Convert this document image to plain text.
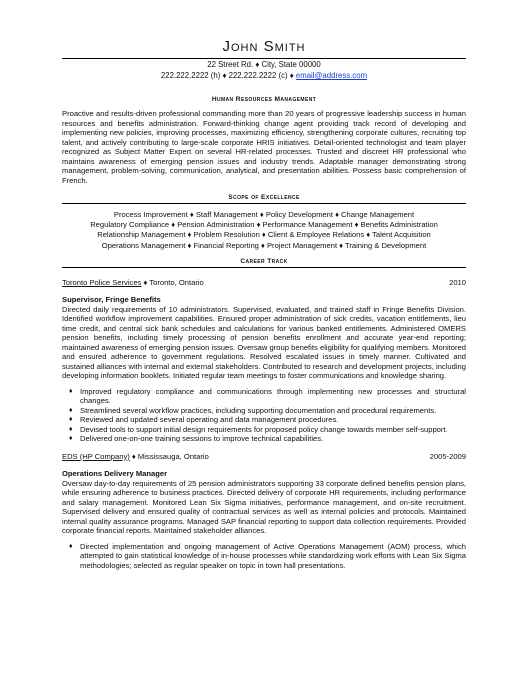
John Smith
22 Street Rd. ♦ City, State 00000
222.222.2222 (h) ♦ 222.222.2222 (c) ♦ email@address.com
Human Resources Management
Proactive and results-driven professional commanding more than 20 years of progressive leadership success in human resources and benefits administration. Forward-thinking change agent providing track record of developing and implementing new policies, improving processes, maximizing efficiency, strengthening corporate cultures, recruiting top talent, and actively contributing to large-scale corporate HRIS initiatives. Detail-oriented technologist and team player recognized as Subject Matter Expert on several HR-related processes. Trusted and discreet HR professional who maintains awareness of emerging pension issues and industry trends. Adaptable manager demonstrating strong management, problem-solving, communication, analytical, and presentation abilities. Possess basic comprehension of French.
Scope of Excellence
Process Improvement ♦ Staff Management ♦ Policy Development ♦ Change Management
Regulatory Compliance ♦ Pension Administration ♦ Performance Management ♦ Benefits Administration
Relationship Management ♦ Problem Resolution ♦ Client & Employee Relations ♦ Talent Acquisition
Operations Management ♦ Financial Reporting ♦ Project Management ♦ Training & Development
Career Track
Toronto Police Services ♦ Toronto, Ontario	2010
Supervisor, Fringe Benefits
Directed daily requirements of 10 administrators. Supervised, evaluated, and trained staff in Fringe Benefits Division. Identified workflow improvement capabilities. Ensured proper administration of sick credits, vacation entitlements, lieu time credit, and central sick bank schedules and calculations for various banked entitlements. Administered OMERS pension benefits, including timely processing of pension benefits enrollment and accurate year-end reporting; maintained awareness of emerging pension issues. Oversaw group benefits eligibility for qualifying members. Monitored and ensured adherence to government regulations. Resolved escalated issues in timely manner. Cultivated and sustained alliances with internal and external stakeholders. Contributed to research and development projects, including developing information booklets. Initiated regular team meetings to foster communications and knowledge sharing.
♦ Improved regulatory compliance and communications through implementing new processes and structural changes.
♦ Streamlined several workflow practices, including supporting documentation and procedural requirements.
♦ Reviewed and updated several operating and data management procedures.
♦ Devised tools to support initial design requirements for proposed policy change towards member self-support.
♦ Delivered one-on-one training sessions to improve technical capabilities.
EDS (HP Company) ♦ Mississauga, Ontario	2005-2009
Operations Delivery Manager
Oversaw day-to-day requirements of 25 pension administrators supporting 33 corporate defined benefits pension plans, while ensuring adherence to business practices. Directed delivery of corporate HR requirements, including performance and salary management. Monitored Lean Six Sigma initiatives, performance management, and on-site recruitment. Supervised delivery and ensured quality of contractual services as well as internal policies and protocols. Maintained internal quality assurance programs. Managed SAP financial reporting to support data collection requirements. Provided corporate financial reports. Maintained stakeholder alliances.
♦ Directed implementation and ongoing management of Active Operations Management (AOM) process, which attempted to gain statistical knowledge of in-house processes while standardizing work efforts with Lean Six Sigma methodologies; selected as regular speaker on topic in town hall presentations.
